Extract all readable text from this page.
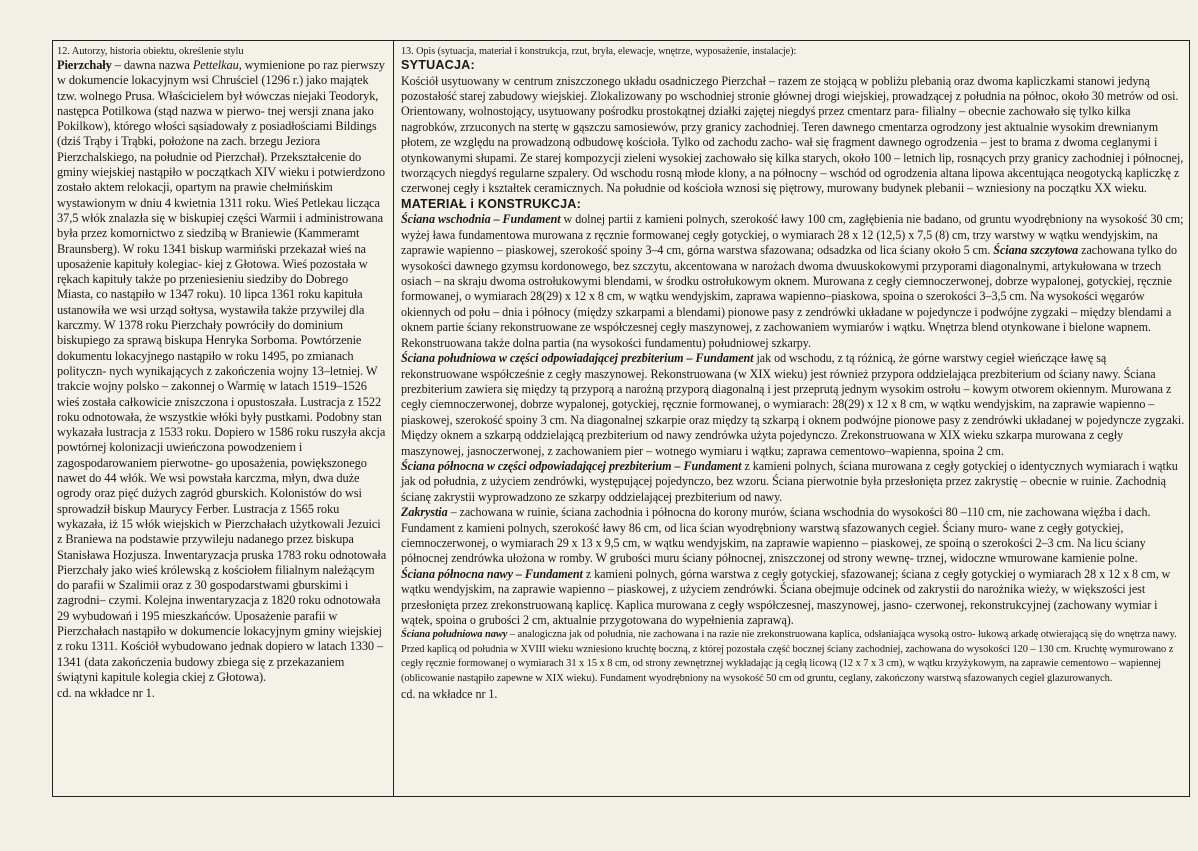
12. Autorzy, historia obiektu, określenie stylu

Pierzchały – dawna nazwa Pettelkau, wymienione po raz pierwszy w dokumencie lokacyjnym wsi Chruściel (1296 r.) jako majątek tzw. wolnego Prusa. Właścicielem był wówczas niejaki Teodoryk, następca Potilkowa (stąd nazwa w pierwo- tnej wersji znana jako Pokilkow), którego włości sąsiadowały z posiadłościami Bildings (dziś Trąby i Trąbki, położone na zach. brzegu Jeziora Pierzchalskiego, na południe od Pierzchał). Przekształcenie do gminy wiejskiej nastąpiło w początkach XIV wieku i potwierdzono zostało aktem relokacji, opartym na prawie chełmińskim wystawionym w dniu 4 kwietnia 1311 roku. Wieś Petlekau licząca 37,5 włók znalazła się w biskupiej części Warmii i administrowana była przez komornictwo z siedzibą w Braniewie (Kammeramt Braunsberg). W roku 1341 biskup warmiński przekazał wieś na uposażenie kapituły kolegiac- kiej z Głotowa. Wieś pozostała w rękach kapituły także po przeniesieniu siedziby do Dobrego Miasta, co nastąpiło w 1347 roku). 10 lipca 1361 roku kapituła ustanowiła we wsi urząd sołtysa, wystawiła także przywilej dla karczmy. W 1378 roku Pierzchały powróciły do dominium biskupiego za sprawą biskupa Henryka Sorboma. Powtórzenie dokumentu lokacyjnego nastąpiło w roku 1495, po zmianach polityczn- nych wynikających z zakończenia wojny 13–letniej. W trakcie wojny polsko – zakonnej o Warmię w latach 1519–1526 wieś została całkowicie zniszczona i opustoszała. Lustracja z 1522 roku odnotowała, że wszystkie włóki były pustkami. Podobny stan wykazała lustracja z 1533 roku. Dopiero w 1586 roku ruszyła akcja powtórnej kolonizacji uwieńczona powodzeniem i zagospodarowaniem pierwotne- go uposażenia, powiększonego nawet do 44 włók. We wsi powstała karczma, młyn, dwa duże ogrody oraz pięć dużych zagród gburskich. Kolonistów do wsi sprowadził biskup Maurycy Ferber. Lustracja z 1565 roku wykazała, iż 15 włók wiejskich w Pierzchałach użytkowali Jezuici z Braniewa na podstawie przywileju nadanego przez biskupa Stanisława Hozjusza. Inwentaryzacja pruska 1783 roku odnotowała Pierzchały jako wieś królewską z kościołem filialnym należącym do parafii w Szalimii oraz z 30 gospodarstwami gburskimi i zagrodni– czymi. Kolejna inwentaryzacja z 1820 roku odnotowała 29 wybudowań i 195 mieszkańców. Uposażenie parafii w Pierzchałach nastąpiło w dokumencie lokacyjnym gminy wiejskiej z roku 1311. Kościół wybudowano jednak dopiero w latach 1330 – 1341 (data zakończenia budowy zbiega się z przekazaniem świątyni kapitule kolegia ckiej z Głotowa).

cd. na wkładce nr 1.

13. Opis (sytuacja, materiał i konstrukcja, rzut, bryła, elewacje, wnętrze, wyposażenie, instalacje):

SYTUACJA:

Kościół usytuowany w centrum zniszczonego układu osadniczego Pierzchał – razem ze stojącą w pobliżu plebanią oraz dwoma kapliczkami stanowi jedyną pozostałość starej zabudowy wiejskiej. Zlokalizowany po wschodniej stronie głównej drogi wiejskiej, prowadzącej z południa na północ, około 30 metrów od osi. Orientowany, wolnostojący, usytuowany pośrodku prostokątnej działki zajętej niegdyś przez cmentarz para- filialny – obecnie zachowało się tylko kilka nagrobków, zrzuconych na stertę w gąszczu samosiewów, przy granicy zachodniej. Teren dawnego cmentarza ogrodzony jest aktualnie wysokim drewnianym płotem, ze względu na prowadzoną odbudowę kościoła. Tylko od zachodu zacho- wał się fragment dawnego ogrodzenia – jest to brama z dwoma ceglanymi i otynkowanymi słupami. Ze starej kompozycji zieleni wysokiej zachowało się kilka starych, około 100 – letnich lip, rosnących przy granicy zachodniej i północnej, tworzących niegdyś regularne szpalery. Od wschodu rosną młode klony, a na północny – wschód od ogrodzenia altana lipowa akcentująca neogotycką kapliczkę z czerwonej cegły i kształtek ceramicznych. Na południe od kościoła wznosi się piętrowy, murowany budynek plebanii – wzniesiony na początku XX wieku.

MATERIAŁ i KONSTRUKCJA:

Ściana wschodnia – Fundament w dolnej partii z kamieni polnych, szerokość ławy 100 cm, zagłębienia nie badano, od gruntu wyodrębniony na wysokość 30 cm; wyżej ława fundamentowa murowana z ręcznie formowanej cegły gotyckiej, o wymiarach 28 x 12 (12,5) x 7,5 (8) cm, trzy warstwy w wątku wendyjskim, na zaprawie wapienno – piaskowej, szerokość spoiny 3–4 cm, górna warstwa sfazowana; odsadzka od lica ściany około 5 cm. Ściana szczytowa zachowana tylko do wysokości dawnego gzymsu kordonowego, bez szczytu, akcentowana w narożach dwoma dwuuskokowymi przyporami diagonalnymi, artykułowana w trzech osiach – na skraju dwoma ostrołukowymi blendami, w środku ostrołukowym oknem. Murowana z cegły ciemnoczerwonej, dobrze wypalonej, gotyckiej, ręcznie formowanej, o wymiarach 28(29) x 12 x 8 cm, w wątku wendyjskim, zaprawa wapienno–piaskowa, spoina o szerokości 3–3,5 cm. Na wysokości węgarów okiennych od połu – dnia i północy (między szkarpami a blendami) pionowe pasy z zendrówki układane w pojedyncze i podwójne zygzaki – między blendami a oknem partie ściany rekonstruowane ze współczesnej cegły maszynowej, z zachowaniem wymiarów i wątku. Wnętrza blend otynkowane i bielone wapnem. Rekonstruowana także dolna partia (na wysokości fundamentu) południowej szkarpy.

Ściana południowa w części odpowiadającej prezbiterium – Fundament jak od wschodu, z tą różnicą, że górne warstwy cegieł wieńczące ławę są rekonstruowane współcześnie z cegły maszynowej. Rekonstruowana (w XIX wieku) jest również przypora oddzielająca prezbiterium od ściany nawy. Ściana prezbiterium zawiera się między tą przyporą a narożną przyporą diagonalną i jest przeprutą jednym wysokim ostrołu – kowym otworem okiennym. Murowana z cegły ciemnoczerwonej, dobrze wypalonej, gotyckiej, ręcznie formowanej, o wymiarach: 28(29) x 12 x 8 cm, w wątku wendyjskim, na zaprawie wapienno – piaskowej, szerokość spoiny 3 cm. Na diagonalnej szkarpie oraz między tą szkarpą i oknem podwójne pionowe pasy z zendrówki układanej w pojedyncze zygzaki. Między oknem a szkarpą oddzielającą prezbiterium od nawy zendrówka użyta pojedynczo. Zrekonstruowana w XIX wieku szkarpa murowana z cegły maszynowej, jasnoczerwonej, z zachowaniem pier – wotnego wymiaru i wątku; zaprawa cementowo–wapienna, spoina 2 cm.

Ściana północna w części odpowiadającej prezbiterium – Fundament z kamieni polnych, ściana murowana z cegły gotyckiej o identycznych wymiarach i wątku jak od południa, z użyciem zendrówki, występującej pojedynczo, bez wzoru. Ściana pierwotnie była przesłonięta przez zakrystię – obecnie w ruinie. Zachodnią ścianę zakrystii wyprowadzono ze szkarpy oddzielającej prezbiterium od nawy.

Zakrystia – zachowana w ruinie, ściana zachodnia i północna do korony murów, ściana wschodnia do wysokości 80 –110 cm, nie zachowana więźba i dach. Fundament z kamieni polnych, szerokość ławy 86 cm, od lica ścian wyodrębniony warstwą sfazowanych cegieł. Ściany muro- wane z cegły gotyckiej, ciemnoczerwonej, o wymiarach 29 x 13 x 9,5 cm, w wątku wendyjskim, na zaprawie wapienno – piaskowej, ze spoiną o szerokości 2–3 cm. Na licu ściany północnej zendrówka ułożona w romby. W grubości muru ściany północnej, zniszczonej od strony wewnę- trznej, widoczne wmurowane kamienie polne.

Ściana północna nawy – Fundament z kamieni polnych, górna warstwa z cegły gotyckiej, sfazowanej; ściana z cegły gotyckiej o wymiarach 28 x 12 x 8 cm, w wątku wendyjskim, na zaprawie wapienno – piaskowej, z użyciem zendrówki. Ściana obejmuje odcinek od zakrystii do narożnika wieży, w większości jest przesłonięta przez zrekonstruowaną kaplicę. Kaplica murowana z cegły współczesnej, maszynowej, jasno- czerwonej, rekonstrukcyjnej (zachowany wymiar i wątek, spoina o grubości 2 cm, aktualnie przygotowana do wypełnienia zaprawą).

Ściana południowa nawy – analogiczna jak od południa, nie zachowana i na razie nie zrekonstruowana kaplica, odsłaniająca wysoką ostro- łukową arkadę otwierającą się do wnętrza nawy. Przed kaplicą od południa w XVIII wieku wzniesiono kruchtę boczną, z której pozostała część bocznej ściany zachodniej, zachowana do wysokości 120 – 130 cm. Kruchtę wymurowano z cegły ręcznie formowanej o wymiarach 31 x 15 x 8 cm, od strony zewnętrznej wykładając ją cegłą licową (12 x 7 x 3 cm), w wątku krzyżykowym, na zaprawie cementowo – wapiennej (oblicowanie nastąpiło zapewne w XIX wieku). Fundament wyodrębniony na wysokość 50 cm od gruntu, ceglany, zakończony warstwą sfazowanych cegieł glazurowanych.

cd. na wkładce nr 1.
